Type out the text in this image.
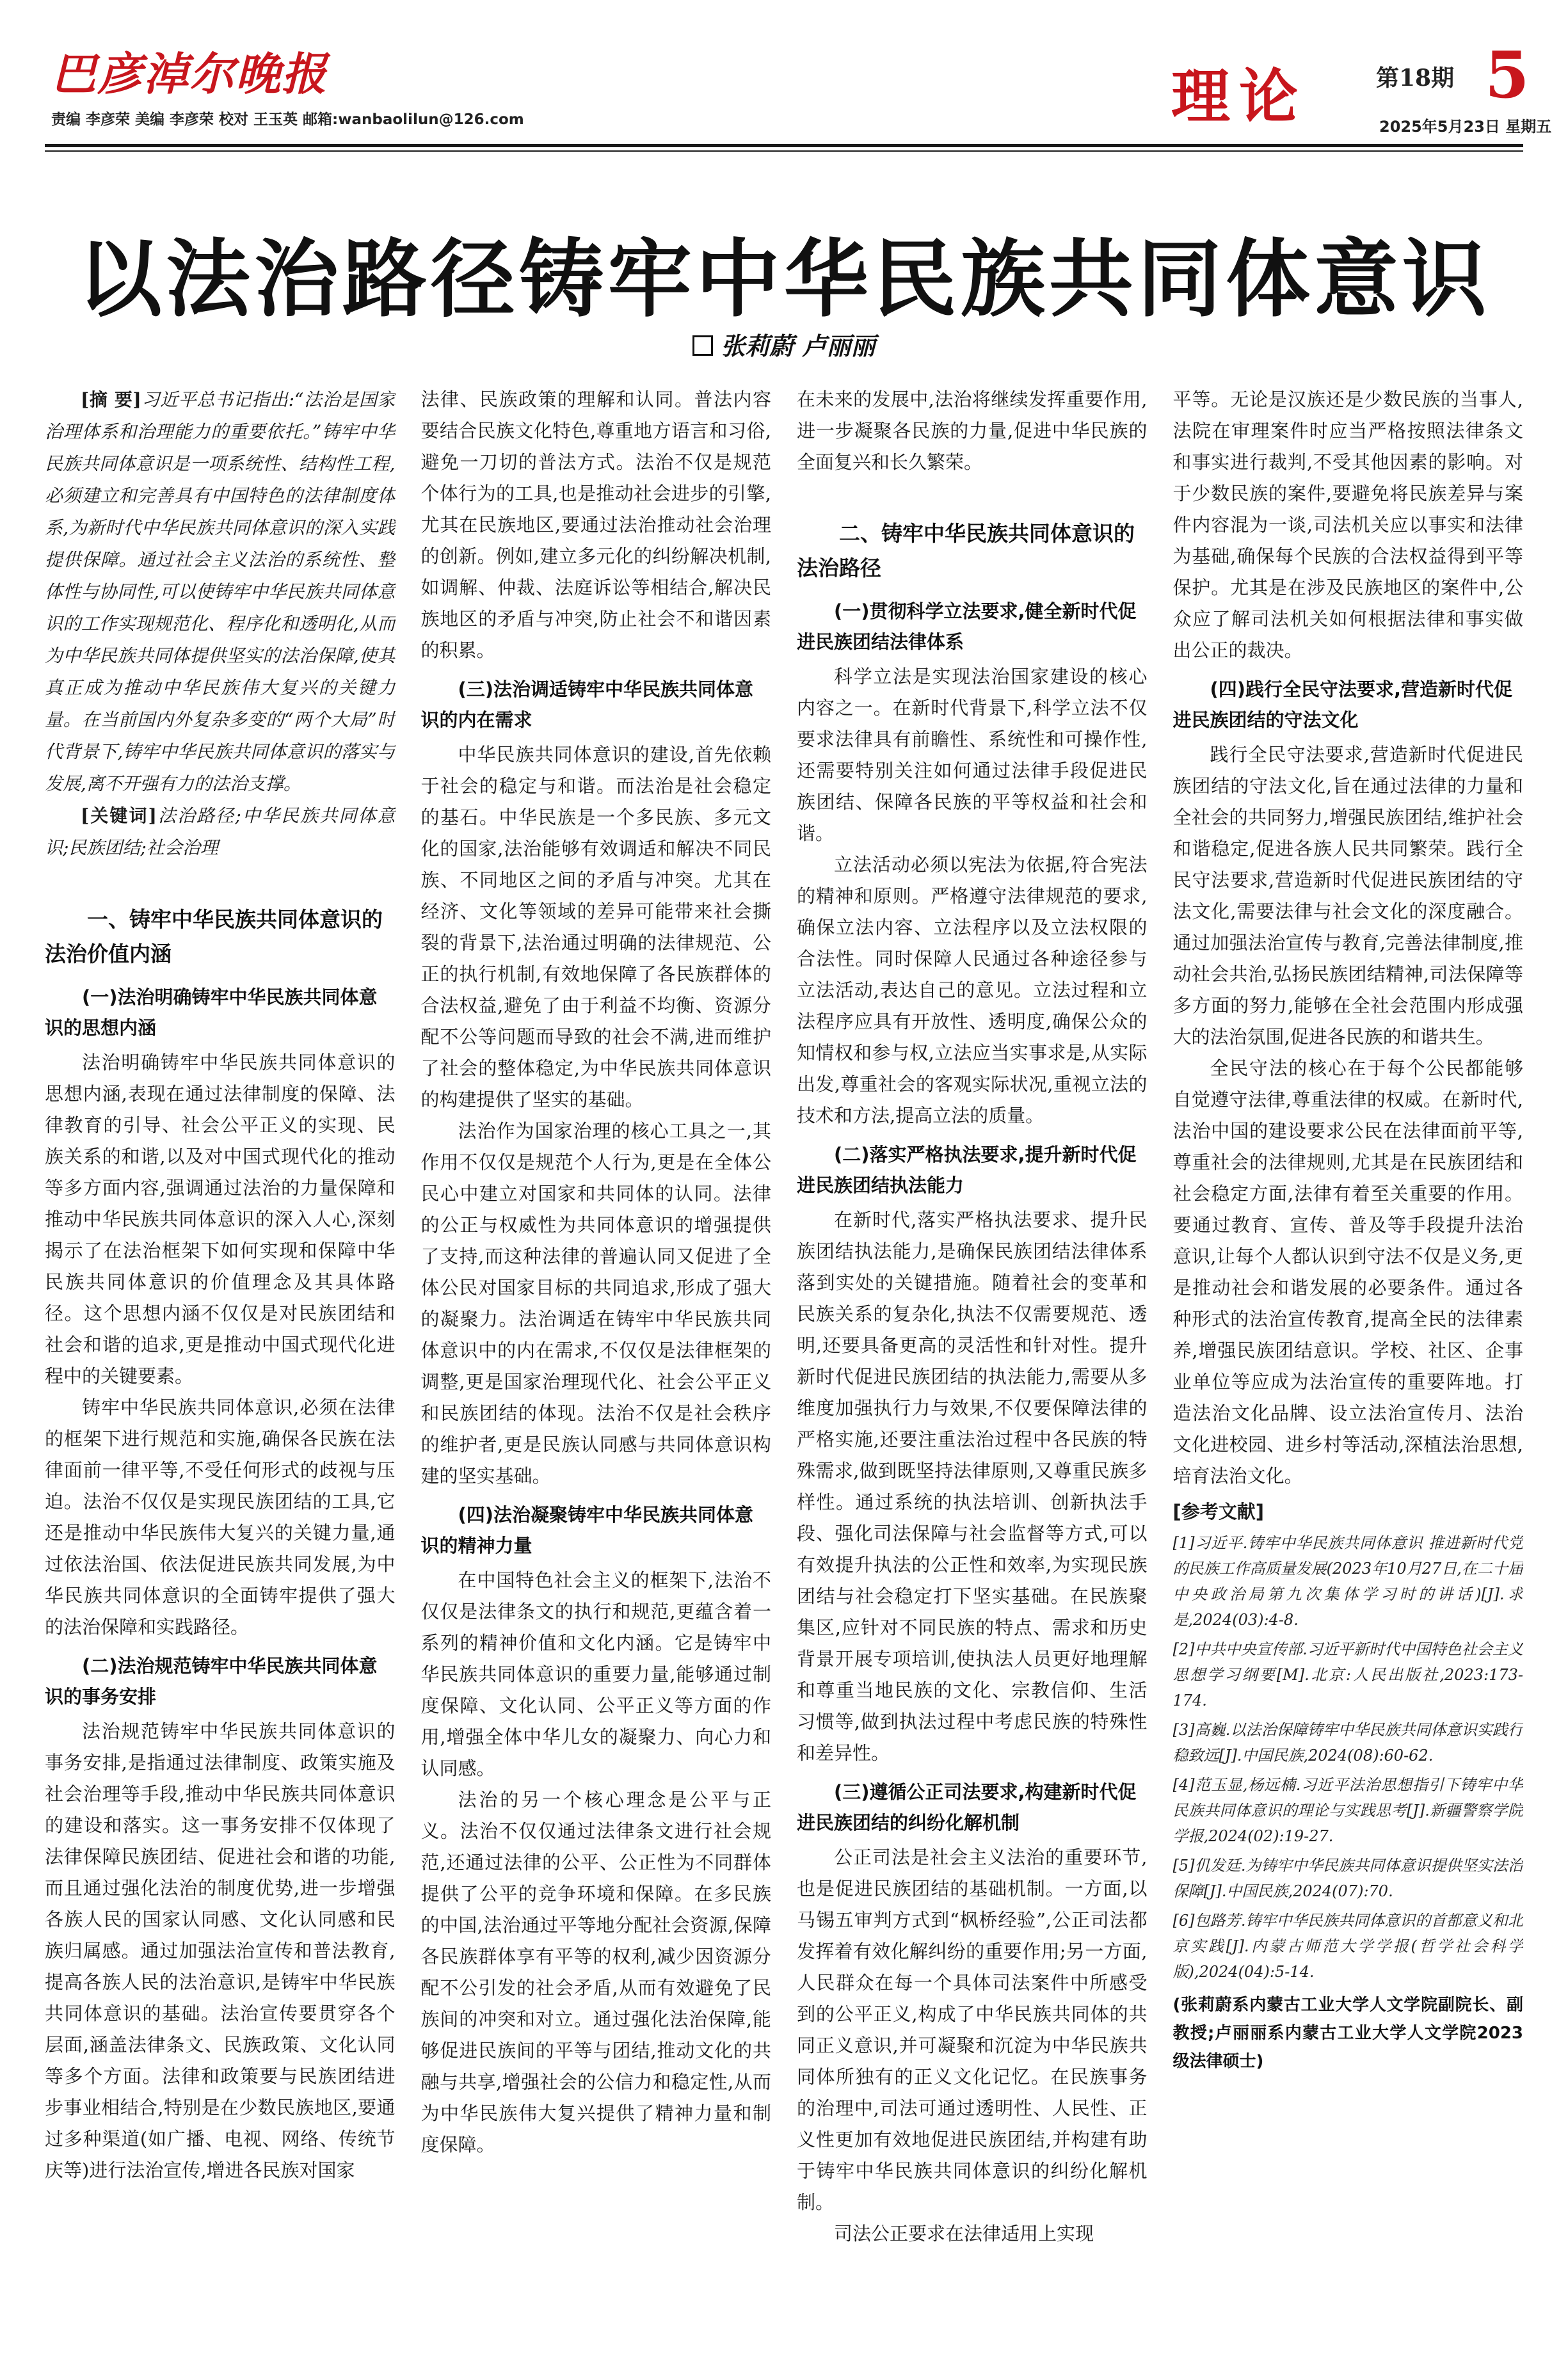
巴彦淖尔晚报
责编 李彦荣 美编 李彦荣 校对 王玉英 邮箱:wanbaolilun@126.com	理论	第18期 5
2025年5月23日 星期五
以法治路径铸牢中华民族共同体意识
张莉蔚 卢丽丽

[摘 要]习近平总书记指出:“法治是国家治理体系和治理能力的重要依托。”铸牢中华民族共同体意识是一项系统性、结构性工程,必须建立和完善具有中国特色的法律制度体系,为新时代中华民族共同体意识的深入实践提供保障。通过社会主义法治的系统性、整体性与协同性,可以使铸牢中华民族共同体意识的工作实现规范化、程序化和透明化,从而为中华民族共同体提供坚实的法治保障,使其真正成为推动中华民族伟大复兴的关键力量。在当前国内外复杂多变的“两个大局”时代背景下,铸牢中华民族共同体意识的落实与发展,离不开强有力的法治支撑。

[关键词]法治路径;中华民族共同体意识;民族团结;社会治理

一、铸牢中华民族共同体意识的法治价值内涵
(一)法治明确铸牢中华民族共同体意识的思想内涵

法治明确铸牢中华民族共同体意识的思想内涵,表现在通过法律制度的保障、法律教育的引导、社会公平正义的实现、民族关系的和谐,以及对中国式现代化的推动等多方面内容,强调通过法治的力量保障和推动中华民族共同体意识的深入人心,深刻揭示了在法治框架下如何实现和保障中华民族共同体意识的价值理念及其具体路径。这个思想内涵不仅仅是对民族团结和社会和谐的追求,更是推动中国式现代化进程中的关键要素。

铸牢中华民族共同体意识,必须在法律的框架下进行规范和实施,确保各民族在法律面前一律平等,不受任何形式的歧视与压迫。法治不仅仅是实现民族团结的工具,它还是推动中华民族伟大复兴的关键力量,通过依法治国、依法促进民族共同发展,为中华民族共同体意识的全面铸牢提供了强大的法治保障和实践路径。

(二)法治规范铸牢中华民族共同体意识的事务安排

法治规范铸牢中华民族共同体意识的事务安排,是指通过法律制度、政策实施及社会治理等手段,推动中华民族共同体意识的建设和落实。这一事务安排不仅体现了法律保障民族团结、促进社会和谐的功能,而且通过强化法治的制度优势,进一步增强各族人民的国家认同感、文化认同感和民族归属感。通过加强法治宣传和普法教育,提高各族人民的法治意识,是铸牢中华民族共同体意识的基础。法治宣传要贯穿各个层面,涵盖法律条文、民族政策、文化认同等多个方面。法律和政策要与民族团结进步事业相结合,特别是在少数民族地区,要通过多种渠道(如广播、电视、网络、传统节庆等)进行法治宣传,增进各民族对国家

法律、民族政策的理解和认同。普法内容要结合民族文化特色,尊重地方语言和习俗,避免一刀切的普法方式。法治不仅是规范个体行为的工具,也是推动社会进步的引擎,尤其在民族地区,要通过法治推动社会治理的创新。例如,建立多元化的纠纷解决机制,如调解、仲裁、法庭诉讼等相结合,解决民族地区的矛盾与冲突,防止社会不和谐因素的积累。

(三)法治调适铸牢中华民族共同体意识的内在需求

中华民族共同体意识的建设,首先依赖于社会的稳定与和谐。而法治是社会稳定的基石。中华民族是一个多民族、多元文化的国家,法治能够有效调适和解决不同民族、不同地区之间的矛盾与冲突。尤其在经济、文化等领域的差异可能带来社会撕裂的背景下,法治通过明确的法律规范、公正的执行机制,有效地保障了各民族群体的合法权益,避免了由于利益不均衡、资源分配不公等问题而导致的社会不满,进而维护了社会的整体稳定,为中华民族共同体意识的构建提供了坚实的基础。

法治作为国家治理的核心工具之一,其作用不仅仅是规范个人行为,更是在全体公民心中建立对国家和共同体的认同。法律的公正与权威性为共同体意识的增强提供了支持,而这种法律的普遍认同又促进了全体公民对国家目标的共同追求,形成了强大的凝聚力。法治调适在铸牢中华民族共同体意识中的内在需求,不仅仅是法律框架的调整,更是国家治理现代化、社会公平正义和民族团结的体现。法治不仅是社会秩序的维护者,更是民族认同感与共同体意识构建的坚实基础。

(四)法治凝聚铸牢中华民族共同体意识的精神力量

在中国特色社会主义的框架下,法治不仅仅是法律条文的执行和规范,更蕴含着一系列的精神价值和文化内涵。它是铸牢中华民族共同体意识的重要力量,能够通过制度保障、文化认同、公平正义等方面的作用,增强全体中华儿女的凝聚力、向心力和认同感。

法治的另一个核心理念是公平与正义。法治不仅仅通过法律条文进行社会规范,还通过法律的公平、公正性为不同群体提供了公平的竞争环境和保障。在多民族的中国,法治通过平等地分配社会资源,保障各民族群体享有平等的权利,减少因资源分配不公引发的社会矛盾,从而有效避免了民族间的冲突和对立。通过强化法治保障,能够促进民族间的平等与团结,推动文化的共融与共享,增强社会的公信力和稳定性,从而为中华民族伟大复兴提供了精神力量和制度保障。

在未来的发展中,法治将继续发挥重要作用,进一步凝聚各民族的力量,促进中华民族的全面复兴和长久繁荣。

二、铸牢中华民族共同体意识的法治路径
(一)贯彻科学立法要求,健全新时代促进民族团结法律体系

科学立法是实现法治国家建设的核心内容之一。在新时代背景下,科学立法不仅要求法律具有前瞻性、系统性和可操作性,还需要特别关注如何通过法律手段促进民族团结、保障各民族的平等权益和社会和谐。

立法活动必须以宪法为依据,符合宪法的精神和原则。严格遵守法律规范的要求,确保立法内容、立法程序以及立法权限的合法性。同时保障人民通过各种途径参与立法活动,表达自己的意见。立法过程和立法程序应具有开放性、透明度,确保公众的知情权和参与权,立法应当实事求是,从实际出发,尊重社会的客观实际状况,重视立法的技术和方法,提高立法的质量。

(二)落实严格执法要求,提升新时代促进民族团结执法能力

在新时代,落实严格执法要求、提升民族团结执法能力,是确保民族团结法律体系落到实处的关键措施。随着社会的变革和民族关系的复杂化,执法不仅需要规范、透明,还要具备更高的灵活性和针对性。提升新时代促进民族团结的执法能力,需要从多维度加强执行力与效果,不仅要保障法律的严格实施,还要注重法治过程中各民族的特殊需求,做到既坚持法律原则,又尊重民族多样性。通过系统的执法培训、创新执法手段、强化司法保障与社会监督等方式,可以有效提升执法的公正性和效率,为实现民族团结与社会稳定打下坚实基础。在民族聚集区,应针对不同民族的特点、需求和历史背景开展专项培训,使执法人员更好地理解和尊重当地民族的文化、宗教信仰、生活习惯等,做到执法过程中考虑民族的特殊性和差异性。

(三)遵循公正司法要求,构建新时代促进民族团结的纠纷化解机制

公正司法是社会主义法治的重要环节,也是促进民族团结的基础机制。一方面,以马锡五审判方式到“枫桥经验”,公正司法都发挥着有效化解纠纷的重要作用;另一方面,人民群众在每一个具体司法案件中所感受到的公平正义,构成了中华民族共同体的共同正义意识,并可凝聚和沉淀为中华民族共同体所独有的正义文化记忆。在民族事务的治理中,司法可通过透明性、人民性、正义性更加有效地促进民族团结,并构建有助于铸牢中华民族共同体意识的纠纷化解机制。

司法公正要求在法律适用上实现

平等。无论是汉族还是少数民族的当事人,法院在审理案件时应当严格按照法律条文和事实进行裁判,不受其他因素的影响。对于少数民族的案件,要避免将民族差异与案件内容混为一谈,司法机关应以事实和法律为基础,确保每个民族的合法权益得到平等保护。尤其是在涉及民族地区的案件中,公众应了解司法机关如何根据法律和事实做出公正的裁决。

(四)践行全民守法要求,营造新时代促进民族团结的守法文化

践行全民守法要求,营造新时代促进民族团结的守法文化,旨在通过法律的力量和全社会的共同努力,增强民族团结,维护社会和谐稳定,促进各族人民共同繁荣。践行全民守法要求,营造新时代促进民族团结的守法文化,需要法律与社会文化的深度融合。通过加强法治宣传与教育,完善法律制度,推动社会共治,弘扬民族团结精神,司法保障等多方面的努力,能够在全社会范围内形成强大的法治氛围,促进各民族的和谐共生。

全民守法的核心在于每个公民都能够自觉遵守法律,尊重法律的权威。在新时代,法治中国的建设要求公民在法律面前平等,尊重社会的法律规则,尤其是在民族团结和社会稳定方面,法律有着至关重要的作用。要通过教育、宣传、普及等手段提升法治意识,让每个人都认识到守法不仅是义务,更是推动社会和谐发展的必要条件。通过各种形式的法治宣传教育,提高全民的法律素养,增强民族团结意识。学校、社区、企事业单位等应成为法治宣传的重要阵地。打造法治文化品牌、设立法治宣传月、法治文化进校园、进乡村等活动,深植法治思想,培育法治文化。

[参考文献]
[1]习近平.铸牢中华民族共同体意识 推进新时代党的民族工作高质量发展(2023年10月27日,在二十届中央政治局第九次集体学习时的讲话)[J].求是,2024(03):4-8.
[2]中共中央宣传部.习近平新时代中国特色社会主义思想学习纲要[M].北京:人民出版社,2023:173-174.
[3]高巍.以法治保障铸牢中华民族共同体意识实践行稳致远[J].中国民族,2024(08):60-62.
[4]范玉显,杨远楠.习近平法治思想指引下铸牢中华民族共同体意识的理论与实践思考[J].新疆警察学院学报,2024(02):19-27.
[5]仉发廷.为铸牢中华民族共同体意识提供坚实法治保障[J].中国民族,2024(07):70.
[6]包路芳.铸牢中华民族共同体意识的首都意义和北京实践[J].内蒙古师范大学学报(哲学社会科学版),2024(04):5-14.
(张莉蔚系内蒙古工业大学人文学院副院长、副教授;卢丽丽系内蒙古工业大学人文学院2023级法律硕士)
